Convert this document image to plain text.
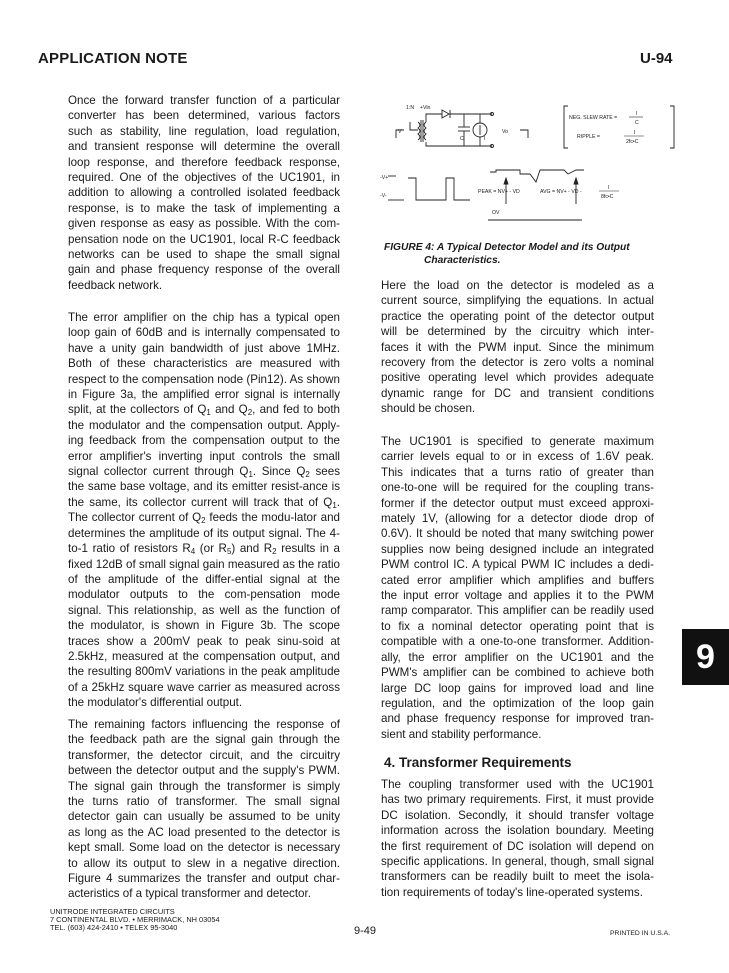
APPLICATION NOTE	U-94
Once the forward transfer function of a particular
converter has been determined, various factors
such as stability, line regulation, load regulation,
and transient response will determine the overall
loop response, and therefore feedback response,
required. One of the objectives of the UC1901, in
addition to allowing a controlled isolated feedback
response, is to make the task of implementing a
given response as easy as possible. With the com-
pensation node on the UC1901, local R-C feedback
networks can be used to shape the small signal
gain and phase frequency response of the overall
feedback network.

The error amplifier on the chip has a typical open loop gain of 60dB and is internally compensated to have a unity gain bandwidth of just above 1MHz. Both of these characteristics are measured with respect to the compensation node (Pin12). As shown in Figure 3a, the amplified error signal is internally split, at the collectors of $Q_1$ and $Q_2$, and fed to both the modulator and the compensation output. Apply-ing feedback from the compensation output to the error amplifier's inverting input controls the small signal collector current through $Q_1$. Since $Q_2$ sees the same base voltage, and its emitter resist-ance is the same, its collector current will track that of $Q_1$. The collector current of $Q_2$ feeds the modu-lator and determines the amplitude of its output signal. The 4-to-1 ratio of resistors $R_4$ (or $R_5$) and $R_2$ results in a fixed 12dB of small signal gain measured as the ratio of the amplitude of the differ-ential signal at the modulator outputs to the com-pensation mode signal. This relationship, as well as the function of the modulator, is shown in Figure 3b. The scope traces show a 200mV peak to peak sinu-soid at 2.5kHz, measured at the compensation output, and the resulting 800mV variations in the peak amplitude of a 25kHz square wave carrier as measured across the modulator's differential output.

The remaining factors influencing the response of
the feedback path are the signal gain through the
transformer, the detector circuit, and the circuitry
between the detector output and the supply's PWM.
The signal gain through the transformer is simply
the turns ratio of transformer. The small signal
detector gain can usually be assumed to be unity
as long as the AC load presented to the detector is
kept small. Some load on the detector is necessary
to allow its output to slew in a negative direction.
Figure 4 summarizes the transfer and output char-
acteristics of a typical transformer and detector.
1:N +Vin
V
C	I
Vo
NEG. SLEW RATE =
I
C
RIPPLE =
I
2fc•C
-V+
-V-
PEAK = NV+ - VD	AVG = NV+ - VD -
I
8fc•C
OV
FIGURE 4: A Typical Detector Model and its Output
Characteristics.
Here the load on the detector is modeled as a
current source, simplifying the equations. In actual
practice the operating point of the detector output
will be determined by the circuitry which inter-
faces it with the PWM input. Since the minimum
recovery from the detector is zero volts a nominal
positive operating level which provides adequate
dynamic range for DC and transient conditions
should be chosen.
The UC1901 is specified to generate maximum
carrier levels equal to or in excess of 1.6V peak.
This indicates that a turns ratio of greater than
one-to-one will be required for the coupling trans-
former if the detector output must exceed approxi-
mately 1V, (allowing for a detector diode drop of
0.6V). It should be noted that many switching power
supplies now being designed include an integrated
PWM control IC. A typical PWM IC includes a dedi-
cated error amplifier which amplifies and buffers
the input error voltage and applies it to the PWM
ramp comparator. This amplifier can be readily used
to fix a nominal detector operating point that is
compatible with a one-to-one transformer. Addition-
ally, the error amplifier on the UC1901 and the
PWM's amplifier can be combined to achieve both
large DC loop gains for improved load and line
regulation, and the optimization of the loop gain
and phase frequency response for improved tran-
sient and stability performance.
4. Transformer Requirements
The coupling transformer used with the UC1901
has two primary requirements. First, it must provide
DC isolation. Secondly, it should transfer voltage
information across the isolation boundary. Meeting
the first requirement of DC isolation will depend on
specific applications. In general, though, small signal
transformers can be readily built to meet the isola-
tion requirements of today's line-operated systems.
9
UNITRODE INTEGRATED CIRCUITS
7 CONTINENTAL BLVD. • MERRIMACK, NH 03054
TEL. (603) 424-2410 • TELEX 95-3040	9-49	PRINTED IN U.S.A.
